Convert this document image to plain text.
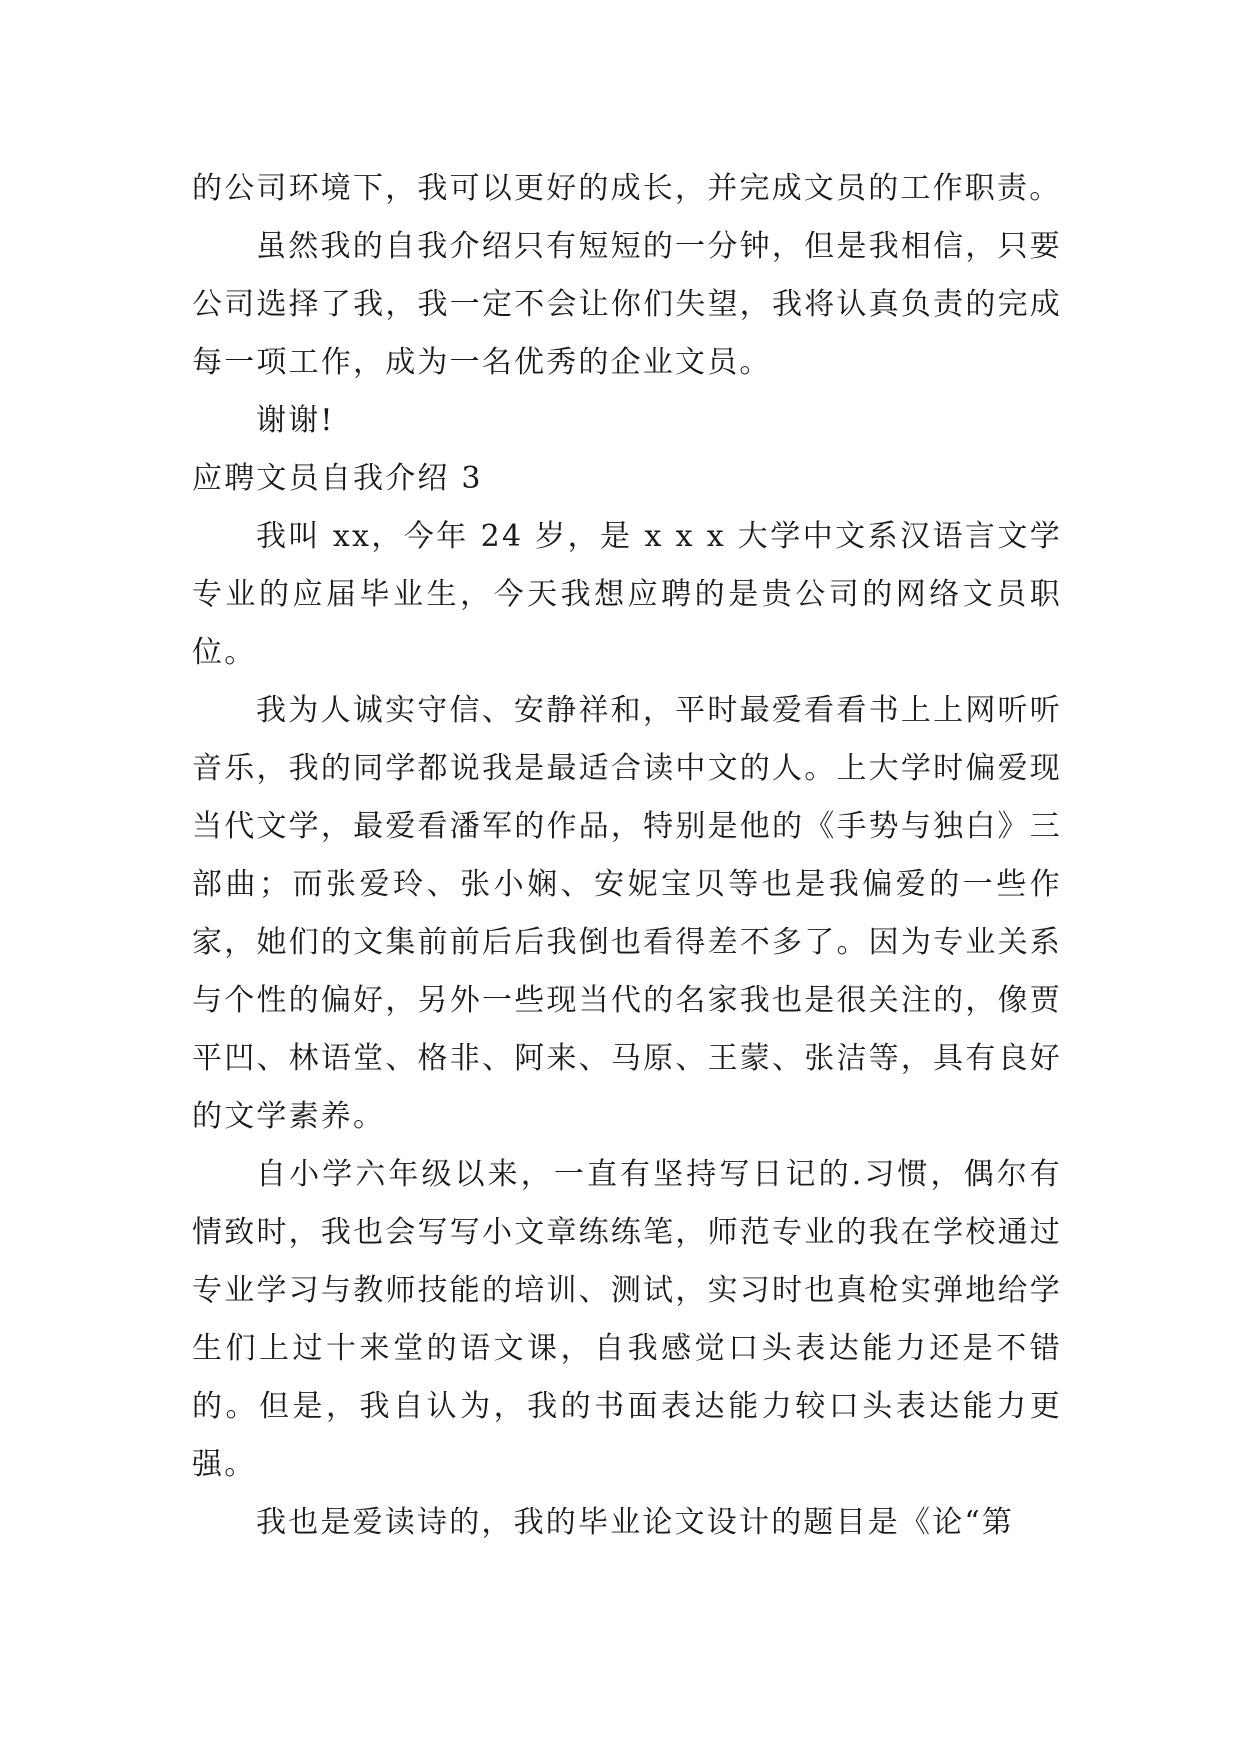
的公司环境下，我可以更好的成长，并完成文员的工作职责。

虽然我的自我介绍只有短短的一分钟，但是我相信，只要公司选择了我，我一定不会让你们失望，我将认真负责的完成每一项工作，成为一名优秀的企业文员。

谢谢!

应聘文员自我介绍 3

我叫 xx，今年 24 岁，是 x x x 大学中文系汉语言文学专业的应届毕业生，今天我想应聘的是贵公司的网络文员职位。

我为人诚实守信、安静祥和，平时最爱看看书上上网听听音乐，我的同学都说我是最适合读中文的人。上大学时偏爱现当代文学，最爱看潘军的作品，特别是他的《手势与独白》三部曲；而张爱玲、张小娴、安妮宝贝等也是我偏爱的一些作家，她们的文集前前后后我倒也看得差不多了。因为专业关系与个性的偏好，另外一些现当代的名家我也是很关注的，像贾平凹、林语堂、格非、阿来、马原、王蒙、张洁等，具有良好的文学素养。

自小学六年级以来，一直有坚持写日记的.习惯，偶尔有情致时，我也会写写小文章练练笔，师范专业的我在学校通过专业学习与教师技能的培训、测试，实习时也真枪实弹地给学生们上过十来堂的语文课，自我感觉口头表达能力还是不错的。但是，我自认为，我的书面表达能力较口头表达能力更强。

我也是爱读诗的，我的毕业论文设计的题目是《论“第
